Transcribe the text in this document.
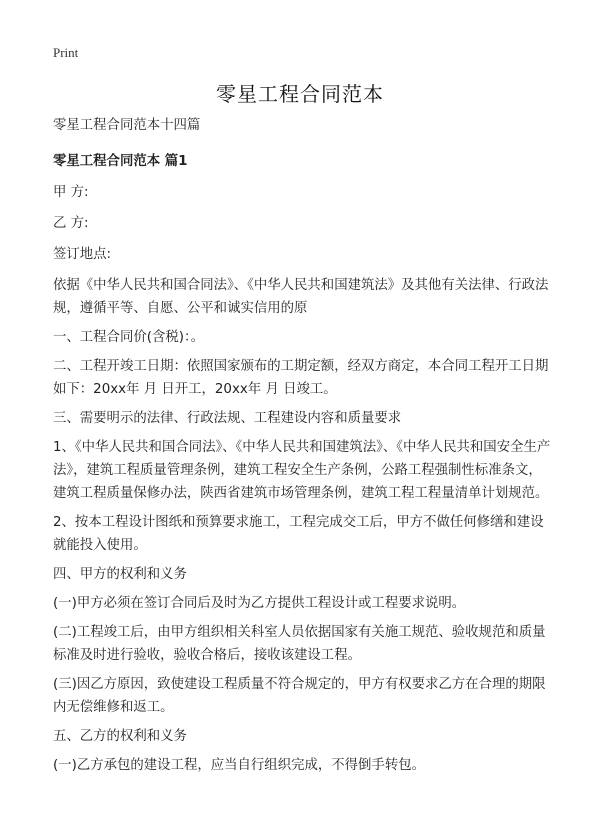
Print
零星工程合同范本

零星工程合同范本十四篇

零星工程合同范本 篇1

甲 方:

乙 方:

签订地点:

依据《中华人民共和国合同法》、《中华人民共和国建筑法》及其他有关法律、行政法规，遵循平等、自愿、公平和诚实信用的原

一、工程合同价(含税)：。

二、工程开竣工日期：依照国家颁布的工期定额，经双方商定，本合同工程开工日期如下：20xx年 月 日开工，20xx年 月 日竣工。

三、需要明示的法律、行政法规、工程建设内容和质量要求

1、《中华人民共和国合同法》、《中华人民共和国建筑法》、《中华人民共和国安全生产法》，建筑工程质量管理条例，建筑工程安全生产条例，公路工程强制性标准条文，建筑工程质量保修办法，陕西省建筑市场管理条例，建筑工程工程量清单计划规范。

2、按本工程设计图纸和预算要求施工，工程完成交工后，甲方不做任何修缮和建设就能投入使用。

四、甲方的权利和义务

(一)甲方必须在签订合同后及时为乙方提供工程设计或工程要求说明。

(二)工程竣工后，由甲方组织相关科室人员依据国家有关施工规范、验收规范和质量标准及时进行验收，验收合格后，接收该建设工程。

(三)因乙方原因，致使建设工程质量不符合规定的，甲方有权要求乙方在合理的期限内无偿维修和返工。

五、乙方的权利和义务

(一)乙方承包的建设工程，应当自行组织完成，不得倒手转包。
